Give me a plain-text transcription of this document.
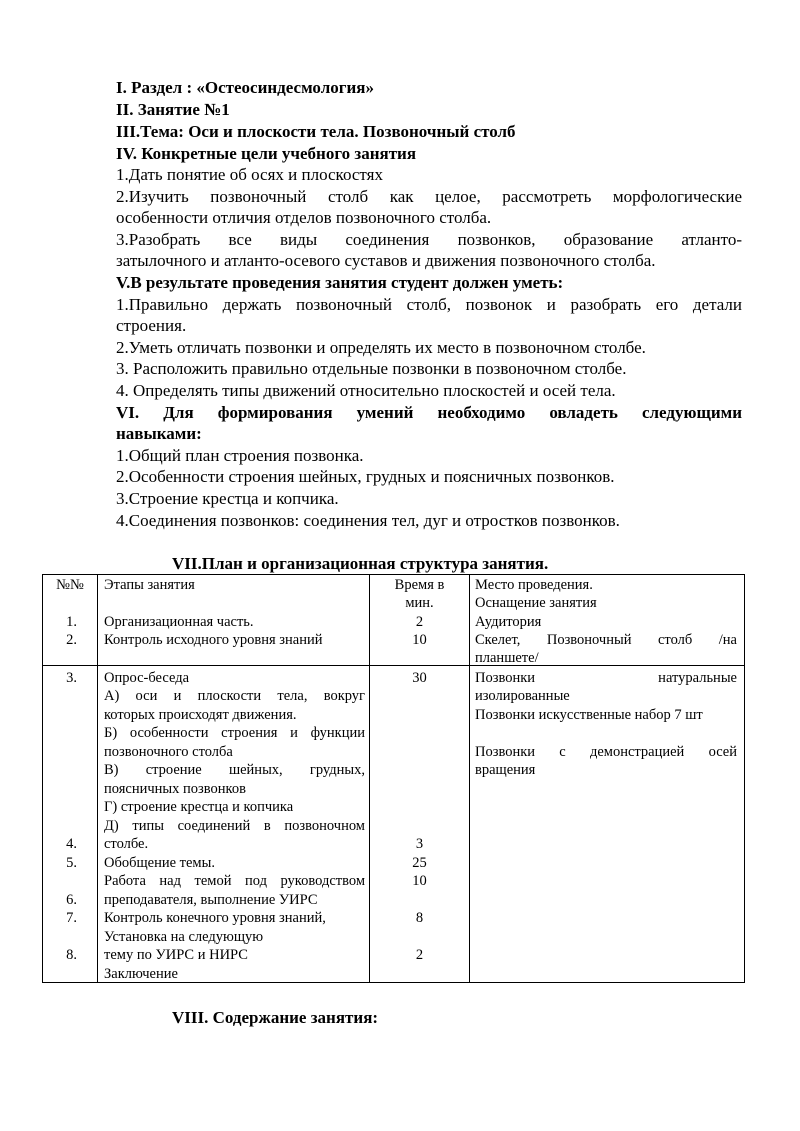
I. Раздел : «Остеосиндесмология»
II. Занятие №1
III.Тема: Оси и плоскости тела. Позвоночный столб
IV. Конкретные цели учебного занятия
1.Дать понятие об осях и плоскостях
2.Изучить позвоночный столб как целое, рассмотреть морфологические
особенности отличия отделов позвоночного столба.
3.Разобрать все виды соединения позвонков, образование атланто-
затылочного и атланто-осевого суставов и движения позвоночного столба.
V.В результате проведения занятия студент должен уметь:
1.Правильно держать позвоночный столб, позвонок и разобрать его детали
строения.
2.Уметь отличать позвонки и определять их место в позвоночном столбе.
3. Расположить правильно отдельные позвонки в позвоночном столбе.
4. Определять типы движений относительно плоскостей и осей тела.
VI. Для формирования умений необходимо овладеть следующими
навыками:
1.Общий план строения позвонка.
2.Особенности строения шейных, грудных и поясничных позвонков.
3.Строение крестца и копчика.
4.Соединения позвонков: соединения тел, дуг и отростков позвонков.
VII.План и организационная структура занятия.
№№	Этапы занятия	Время в
мин.
Место проведения.
Оснащение занятия
1.
2.
Организационная часть.
Контроль исходного уровня знаний
2
10
Аудитория
Скелет, Позвоночный столб /на
планшете/
3.
4.
5.
6.
7.
8.
Опрос-беседа
А) оси и плоскости тела, вокруг
которых происходят движения.
Б) особенности строения и функции
позвоночного столба
В) строение шейных, грудных,
поясничных позвонков
Г) строение крестца и копчика
Д) типы соединений в позвоночном
столбе.
Обобщение темы.
Работа над темой под руководством
преподавателя, выполнение УИРС
Контроль конечного уровня знаний,
Установка на следующую
тему по УИРС и НИРС
Заключение
30
3
25
10
8
2
Позвонки натуральные
изолированные
Позвонки искусственные набор 7 шт
Позвонки с демонстрацией осей
вращения
VIII. Содержание занятия:
